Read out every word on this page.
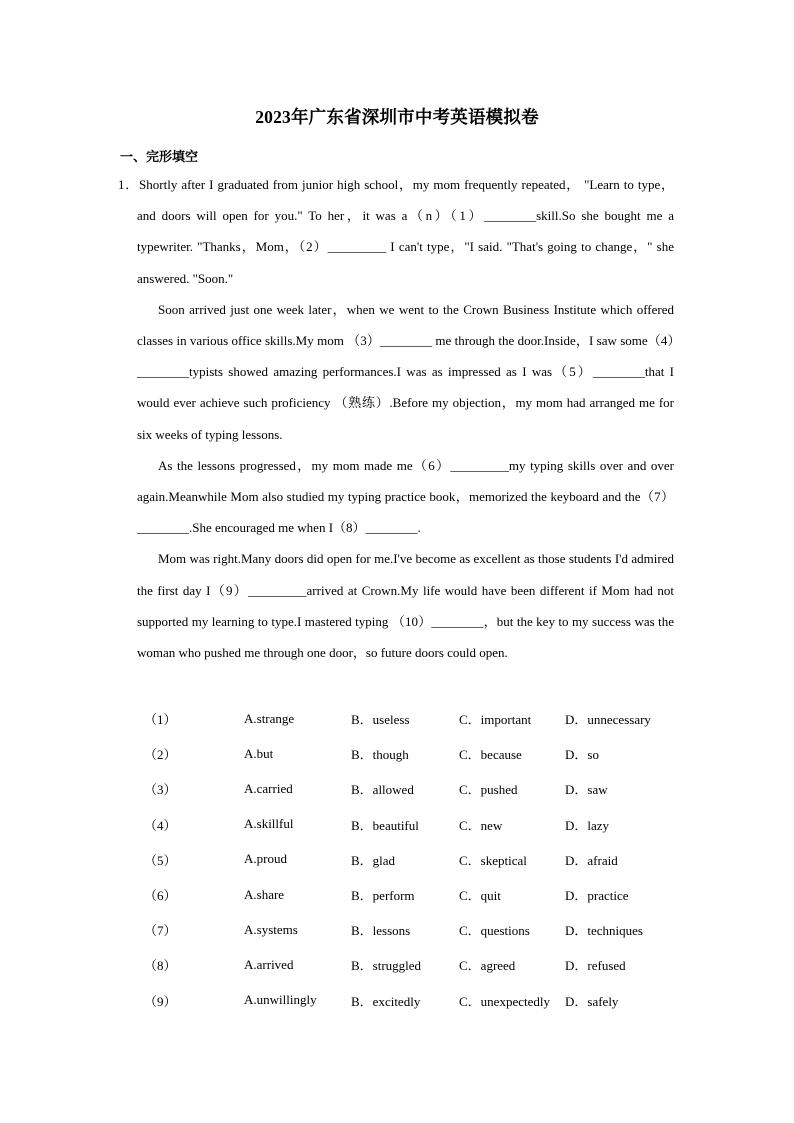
2023年广东省深圳市中考英语模拟卷
一、完形填空

1．Shortly after I graduated from junior high school，my mom frequently repeated， "Learn to type，and doors will open for you." To her，it was a（n）（1）________skill.So she bought me a typewriter. "Thanks，Mom，（2）_________ I can't type，"I said. "That's going to change，" she answered. "Soon."

Soon arrived just one week later，when we went to the Crown Business Institute which offered classes in various office skills.My mom （3）________ me through the door.Inside，I saw some（4）________typists showed amazing performances.I was as impressed as I was（5）________that I would ever achieve such proficiency （熟练）.Before my objection，my mom had arranged me for six weeks of typing lessons.

As the lessons progressed，my mom made me（6）_________my typing skills over and over again.Meanwhile Mom also studied my typing practice book，memorized the keyboard and the（7）________.She encouraged me when I（8）________.

Mom was right.Many doors did open for me.I've become as excellent as those students I'd admired the first day I（9）_________arrived at Crown.My life would have been different if Mom had not supported my learning to type.I mastered typing （10）________，but the key to my success was the woman who pushed me through one door，so future doors could open.

（1）	A.strange	B．useless	C．important	D．unnecessary
（2）	A.but	B．though	C．because	D．so
（3）	A.carried	B．allowed	C．pushed	D．saw
（4）	A.skillful	B．beautiful	C．new	D．lazy
（5）	A.proud	B．glad	C．skeptical	D．afraid
（6）	A.share	B．perform	C．quit	D．practice
（7）	A.systems	B．lessons	C．questions	D．techniques
（8）	A.arrived	B．struggled	C．agreed	D．refused
（9）	A.unwillingly	B．excitedly	C．unexpectedly	D．safely
